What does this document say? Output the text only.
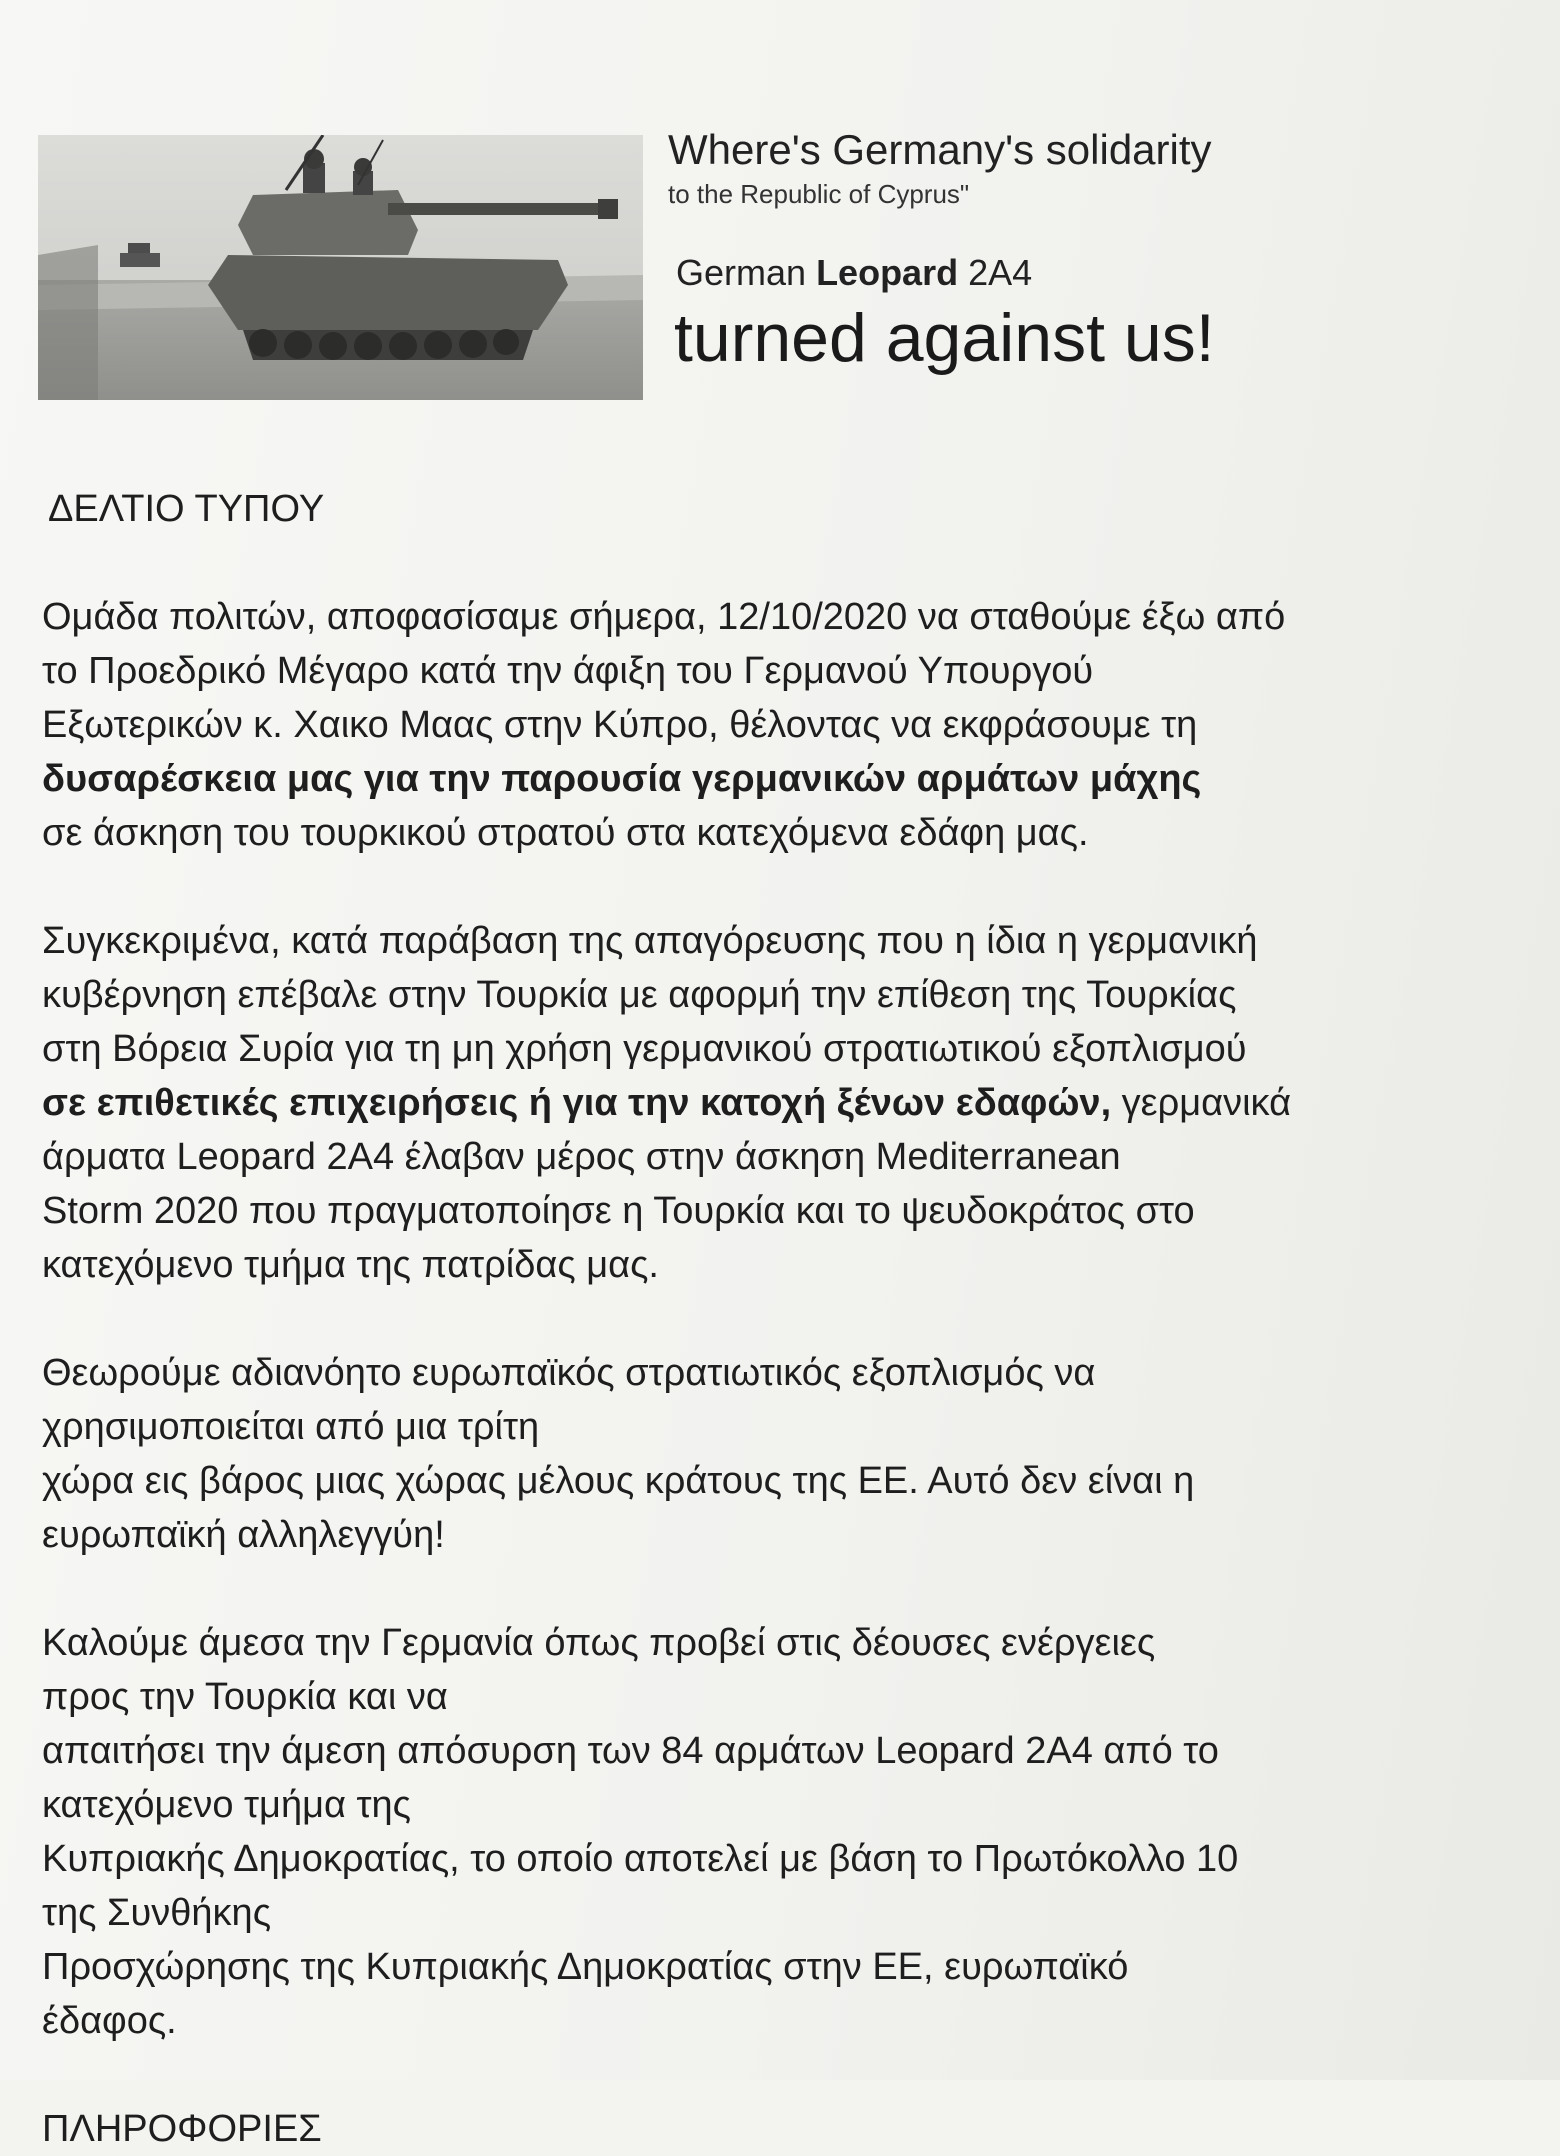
Where's Germany's solidarity
to the Republic of Cyprus"
German Leopard 2A4
turned against us!
ΔΕΛΤΙΟ ΤΥΠΟΥ
Ομάδα πολιτών, αποφασίσαμε σήμερα, 12/10/2020 να σταθούμε έξω από
το Προεδρικό Μέγαρο κατά την άφιξη του Γερμανού Υπουργού
Εξωτερικών κ. Χαικο Μαας στην Κύπρο, θέλοντας να εκφράσουμε τη
δυσαρέσκεια μας για την παρουσία γερμανικών αρμάτων μάχης
σε άσκηση του τουρκικού στρατού στα κατεχόμενα εδάφη μας.
Συγκεκριμένα, κατά παράβαση της απαγόρευσης που η ίδια η γερμανική
κυβέρνηση επέβαλε στην Τουρκία με αφορμή την επίθεση της Τουρκίας
στη Βόρεια Συρία για τη μη χρήση γερμανικού στρατιωτικού εξοπλισμού
σε επιθετικές επιχειρήσεις ή για την κατοχή ξένων εδαφών, γερμανικά
άρματα Leopard 2A4 έλαβαν μέρος στην άσκηση Mediterranean
Storm 2020 που πραγματοποίησε η Τουρκία και το ψευδοκράτος στο
κατεχόμενο τμήμα της πατρίδας μας.
Θεωρούμε αδιανόητο ευρωπαϊκός στρατιωτικός εξοπλισμός να
χρησιμοποιείται από μια τρίτη
χώρα εις βάρος μιας χώρας μέλους κράτους της ΕΕ. Αυτό δεν είναι η
ευρωπαϊκή αλληλεγγύη!
Καλούμε άμεσα την Γερμανία όπως προβεί στις δέουσες ενέργειες
προς την Τουρκία και να
απαιτήσει την άμεση απόσυρση των 84 αρμάτων Leopard 2A4 από το
κατεχόμενο τμήμα της
Κυπριακής Δημοκρατίας, το οποίο αποτελεί με βάση το Πρωτόκολλο 10
της Συνθήκης
Προσχώρησης της Κυπριακής Δημοκρατίας στην ΕΕ, ευρωπαϊκό
έδαφος.
ΠΛΗΡΟΦΟΡΙΕΣ
